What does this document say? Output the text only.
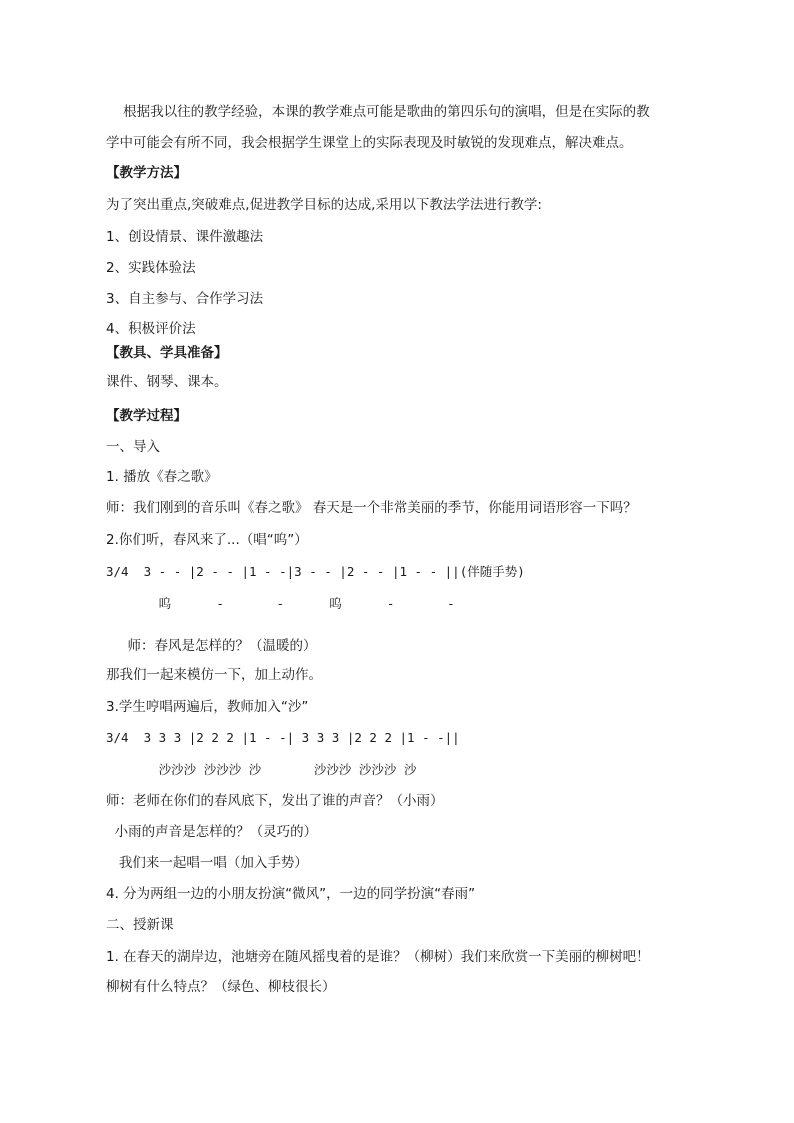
根据我以往的教学经验，本课的教学难点可能是歌曲的第四乐句的演唱，但是在实际的教
学中可能会有所不同，我会根据学生课堂上的实际表现及时敏锐的发现难点，解决难点。
【教学方法】
为了突出重点,突破难点,促进教学目标的达成,采用以下教法学法进行教学:
1、创设情景、课件激趣法
2、实践体验法
3、自主参与、合作学习法
4、积极评价法
【教具、学具准备】
课件、钢琴、课本。
【教学过程】
一、导入
1. 播放《春之歌》
师：我们刚到的音乐叫《春之歌》 春天是一个非常美丽的季节，你能用词语形容一下吗？
2.你们听，春风来了...（唱“呜”）
3/4  3 - - |2 - - |1 - -|3 - - |2 - - |1 - - ||(伴随手势)
呜      -       -      呜      -       -
师：春风是怎样的？（温暖的）
那我们一起来模仿一下，加上动作。
3.学生哼唱两遍后，教师加入“沙”
3/4  3 3 3 |2 2 2 |1 - -| 3 3 3 |2 2 2 |1 - -||
沙沙沙 沙沙沙 沙       沙沙沙 沙沙沙 沙
师：老师在你们的春风底下，发出了谁的声音？（小雨）
小雨的声音是怎样的？（灵巧的）
我们来一起唱一唱（加入手势）
4. 分为两组一边的小朋友扮演“微风”，一边的同学扮演“春雨”
二、授新课
1. 在春天的湖岸边，池塘旁在随风摇曳着的是谁？（柳树）我们来欣赏一下美丽的柳树吧！
柳树有什么特点？（绿色、柳枝很长）
